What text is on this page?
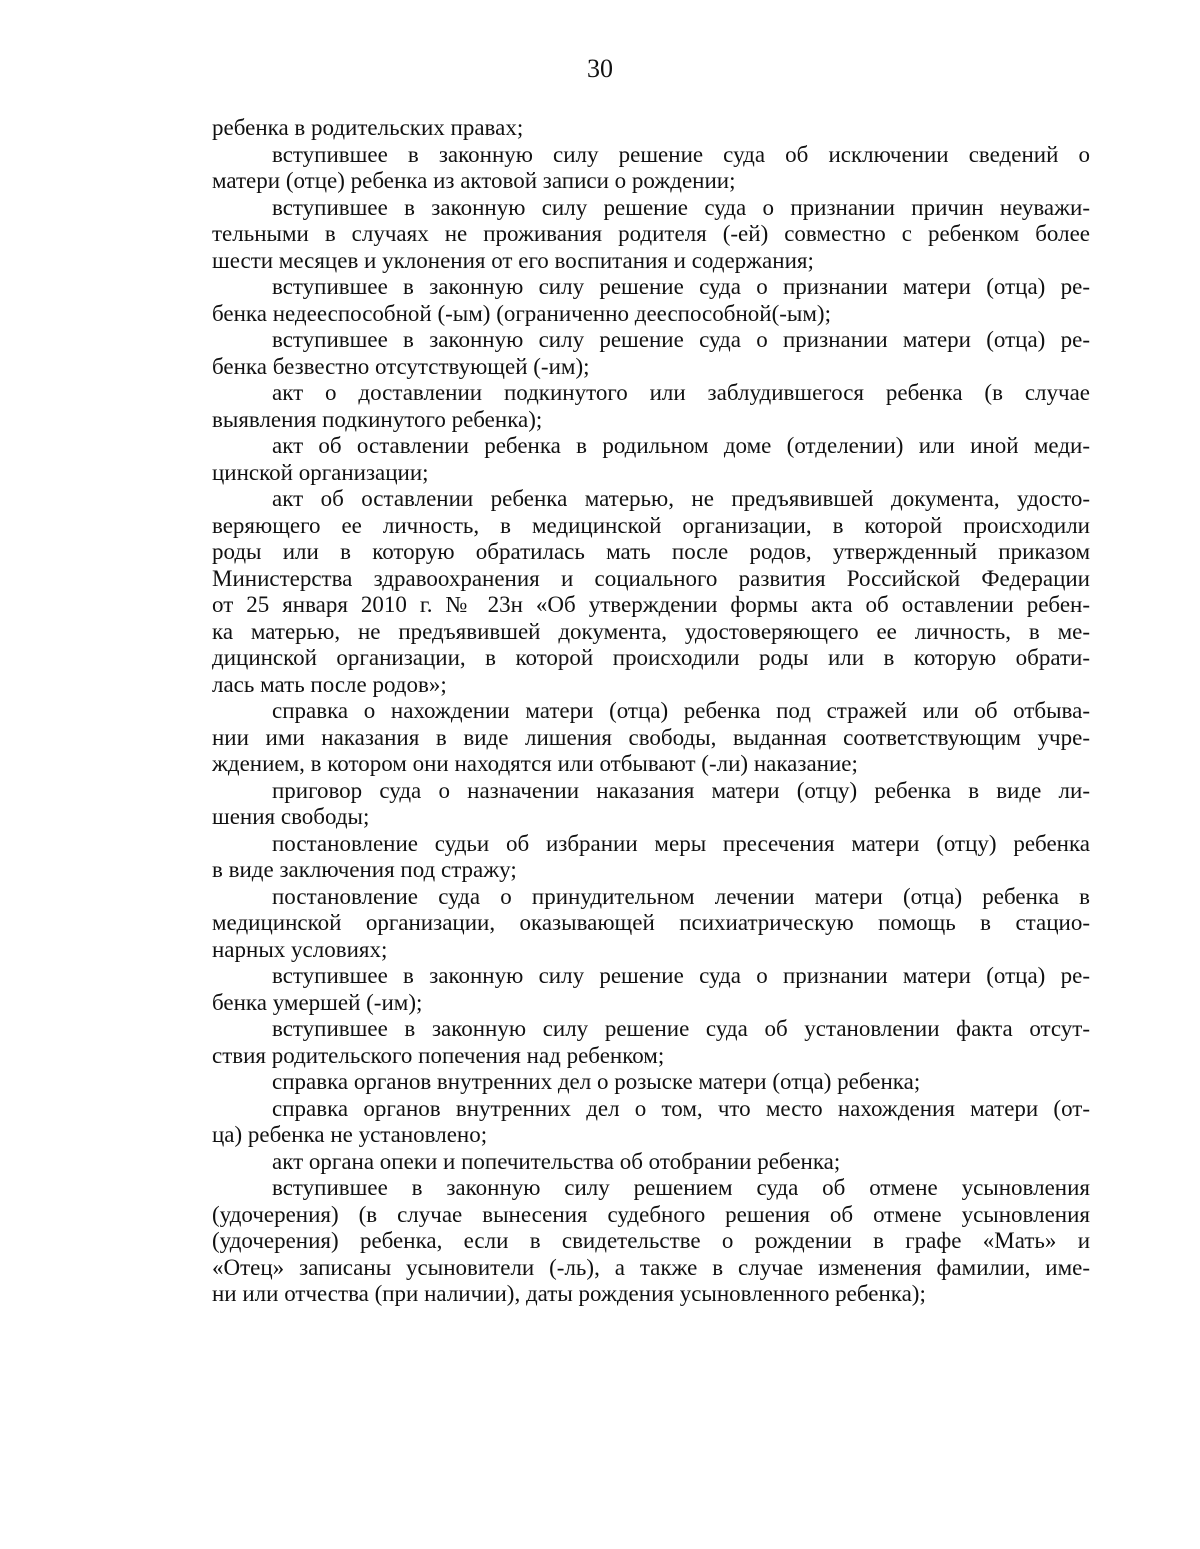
30
ребенка в родительских правах;
вступившее в законную силу решение суда об исключении сведений о
матери (отце) ребенка из актовой записи о рождении;
вступившее в законную силу решение суда о признании причин неуважи-
тельными в случаях не проживания родителя (-ей) совместно с ребенком более
шести месяцев и уклонения от его воспитания и содержания;
вступившее в законную силу решение суда о признании матери (отца) ре-
бенка недееспособной (-ым) (ограниченно дееспособной(-ым);
вступившее в законную силу решение суда о признании матери (отца) ре-
бенка безвестно отсутствующей (-им);
акт о доставлении подкинутого или заблудившегося ребенка (в случае
выявления подкинутого ребенка);
акт об оставлении ребенка в родильном доме (отделении) или иной меди-
цинской организации;
акт об оставлении ребенка матерью, не предъявившей документа, удосто-
веряющего ее личность, в медицинской организации, в которой происходили
роды или в которую обратилась мать после родов, утвержденный приказом
Министерства здравоохранения и социального развития Российской Федерации
от 25 января 2010 г. № 23н «Об утверждении формы акта об оставлении ребен-
ка матерью, не предъявившей документа, удостоверяющего ее личность, в ме-
дицинской организации, в которой происходили роды или в которую обрати-
лась мать после родов»;
справка о нахождении матери (отца) ребенка под стражей или об отбыва-
нии ими наказания в виде лишения свободы, выданная соответствующим учре-
ждением, в котором они находятся или отбывают (-ли) наказание;
приговор суда о назначении наказания матери (отцу) ребенка в виде ли-
шения свободы;
постановление судьи об избрании меры пресечения матери (отцу) ребенка
в виде заключения под стражу;
постановление суда о принудительном лечении матери (отца) ребенка в
медицинской организации, оказывающей психиатрическую помощь в стацио-
нарных условиях;
вступившее в законную силу решение суда о признании матери (отца) ре-
бенка умершей (-им);
вступившее в законную силу решение суда об установлении факта отсут-
ствия родительского попечения над ребенком;
справка органов внутренних дел о розыске матери (отца) ребенка;
справка органов внутренних дел о том, что место нахождения матери (от-
ца) ребенка не установлено;
акт органа опеки и попечительства об отобрании ребенка;
вступившее в законную силу решением суда об отмене усыновления
(удочерения) (в случае вынесения судебного решения об отмене усыновления
(удочерения) ребенка, если в свидетельстве о рождении в графе «Мать» и
«Отец» записаны усыновители (-ль), а также в случае изменения фамилии, име-
ни или отчества (при наличии), даты рождения усыновленного ребенка);
